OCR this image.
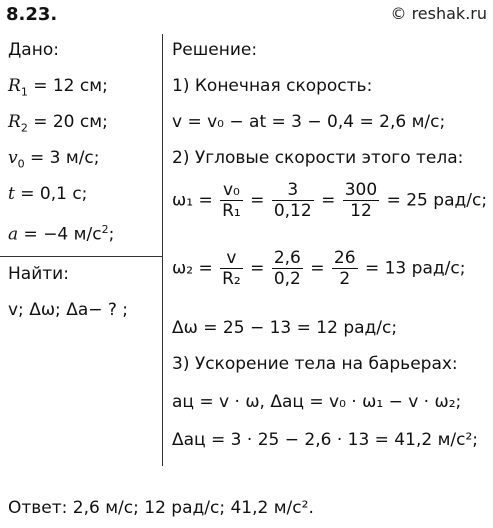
8.23.	© reshak.ru
Дано:
$R_1 = 12$ см;
$R_2 = 20$ см;
$v_0 = 3$ м/с;
t = 0,1 с;
a = −4 $м/с^2$;
Найти:
v; Δω; Δa− ? ;
Решение:
1) Конечная скорость:
v = v₀ − at = 3 − 0,4 = 2,6 м/с;
2) Угловые скорости этого тела:
$\omega_1 = \frac{\text{v₀}}{\text{R₁}} = \frac{3}{0,12} = \frac{300}{12} = 25$ рад/с;
$\omega_2 = \frac{v}{\text{R₂}} = \frac{2,6}{0,2} = \frac{26}{2} = 13$ рад/с;
Δω = 25 − 13 = 12 рад/с;
3) Ускорение тела на барьерах:
aц = v · ω, Δaц = v₀ · ω₁ − v · ω₂;
Δaц = 3 · 25 − 2,6 · 13 = 41,2 м/с²;
Ответ: 2,6 м/с; 12 рад/с; 41,2 м/с².
